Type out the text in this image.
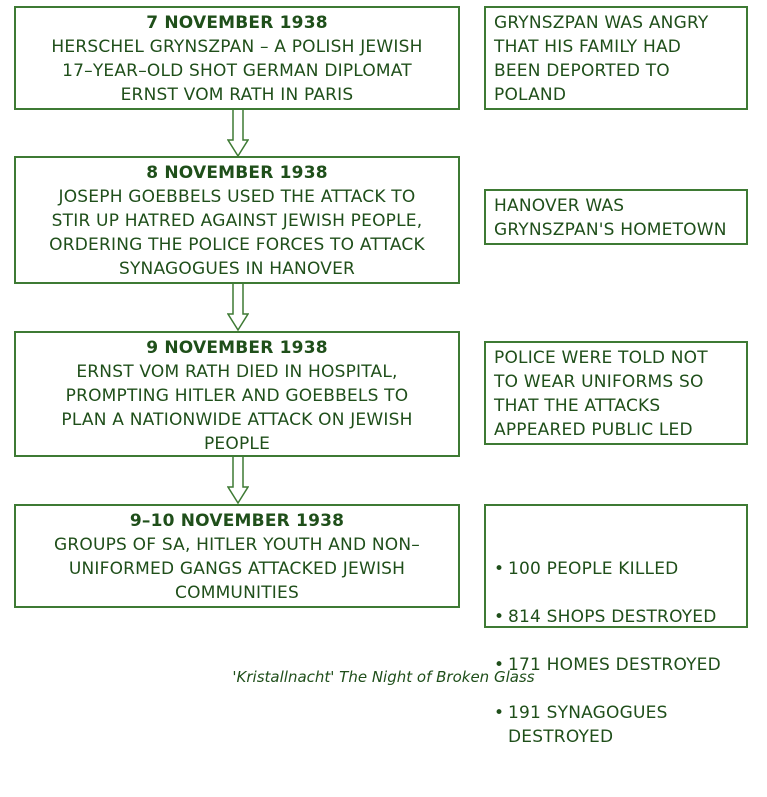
7 NOVEMBER 1938
HERSCHEL GRYNSZPAN – A POLISH JEWISH
17–YEAR–OLD SHOT GERMAN DIPLOMAT
ERNST VOM RATH IN PARIS
GRYNSZPAN WAS ANGRY
THAT HIS FAMILY HAD
BEEN DEPORTED TO
POLAND
8 NOVEMBER 1938
JOSEPH GOEBBELS USED THE ATTACK TO
STIR UP HATRED AGAINST JEWISH PEOPLE,
ORDERING THE POLICE FORCES TO ATTACK
SYNAGOGUES IN HANOVER
HANOVER WAS
GRYNSZPAN'S HOMETOWN
9 NOVEMBER 1938
ERNST VOM RATH DIED IN HOSPITAL,
PROMPTING HITLER AND GOEBBELS TO
PLAN A NATIONWIDE ATTACK ON JEWISH
PEOPLE
POLICE WERE TOLD NOT
TO WEAR UNIFORMS SO
THAT THE ATTACKS
APPEARED PUBLIC LED
9–10 NOVEMBER 1938
GROUPS OF SA, HITLER YOUTH AND NON–
UNIFORMED GANGS ATTACKED JEWISH
COMMUNITIES

• 100 PEOPLE KILLED

• 814 SHOPS DESTROYED

• 171 HOMES DESTROYED

• 191 SYNAGOGUES
DESTROYED

'Kristallnacht' The Night of Broken Glass
